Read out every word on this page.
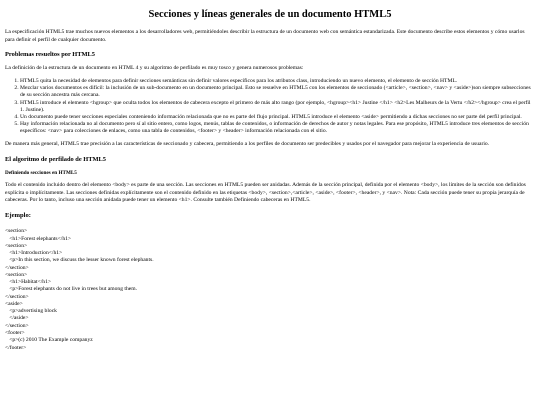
Secciones y líneas generales de un documento HTML5

La especificación HTML5 trae muchos nuevos elementos a los desarrolladores web, permitiéndoles describir la estructura de un documento web con semántica estandarizada. Este documento describe estos elementos y cómo usarlos para definir el perfil de cualquier documento.

Problemas resueltos por HTML5

La definición de la estructura de un documento en HTML 4 y su algoritmo de perfilado es muy tosco y genera numerosos problemas:

1. HTML5 quita la necesidad de elementos para definir secciones semánticas sin definir valores específicos para los atributos class, introduciendo un nuevo elemento, el elemento de sección HTML.
2. Mezclar varios documentos es difícil: la inclusión de un sub-documento en un documento principal. Esto se resuelve en HTML5 con los elementos de seccionado (<article>, <section>, <nav> y <aside>)son siempre subsecciones de su sección ancestra más cercana.
3. HTML5 introduce el elemento <hgroup> que oculta todos los elementos de cabecera excepto el primero de más alto rango (por ejemplo, <hgroup><h1> Justine </h1> <h2>Les Malheurs de la Vertu </h2></hgroup> crea el perfil 1. Justine).
4. Un documento puede tener secciones especiales conteniendo información relacionada que no es parte del flujo principal. HTML5 introduce el elemento <aside> permitiendo a dichas secciones no ser parte del perfil principal.
5. Hay información relacionada no al documento pero sí al sitio entero, como logos, menús, tablas de contenidos, o información de derechos de autor y notas legales. Para ese propósito, HTML5 introduce tres elementos de sección específicos: <nav> para colecciones de enlaces, como una tabla de contenidos, <footer> y <header> información relacionada con el sitio.

De manera más general, HTML5 trae precisión a las características de seccionado y cabecera, permitiendo a los perfiles de documento ser predecibles y usados por el navegador para mejorar la experiencia de usuario.

El algoritmo de perfilado de HTML5
Definiendo secciones en HTML5

Todo el contenido incluido dentro del elemento <body> es parte de una sección. Las secciones en HTML5 pueden ser anidadas. Además de la sección principal, definida por el elemento <body>, los límites de la sección son definidos explícita o implícitamente. Las secciones definidas explícitamente son el contenido definido en las etiquetas <body>, <section>,<article>, <aside>, <footer>, <header>, y <nav>. Nota: Cada sección puede tener su propia jerarquía de cabeceras. Por lo tanto, incluso una sección anidada puede tener un elemento <h1>. Consulte también Definiendo cabeceras en HTML5.

Ejemplo:
<section>
<h1>Forest elephants</h1>
<section>
<h1>Introduction</h1>
<p>In this section, we discuss the lesser known forest elephants.
</section>
<section>
<h1>Habitat</h1>
<p>Forest elephants do not live in trees but among them.
</section>
<aside>
<p>advertising block
</aside>
</section>
<footer>
<p>(c) 2010 The Example companyz
</footer>
